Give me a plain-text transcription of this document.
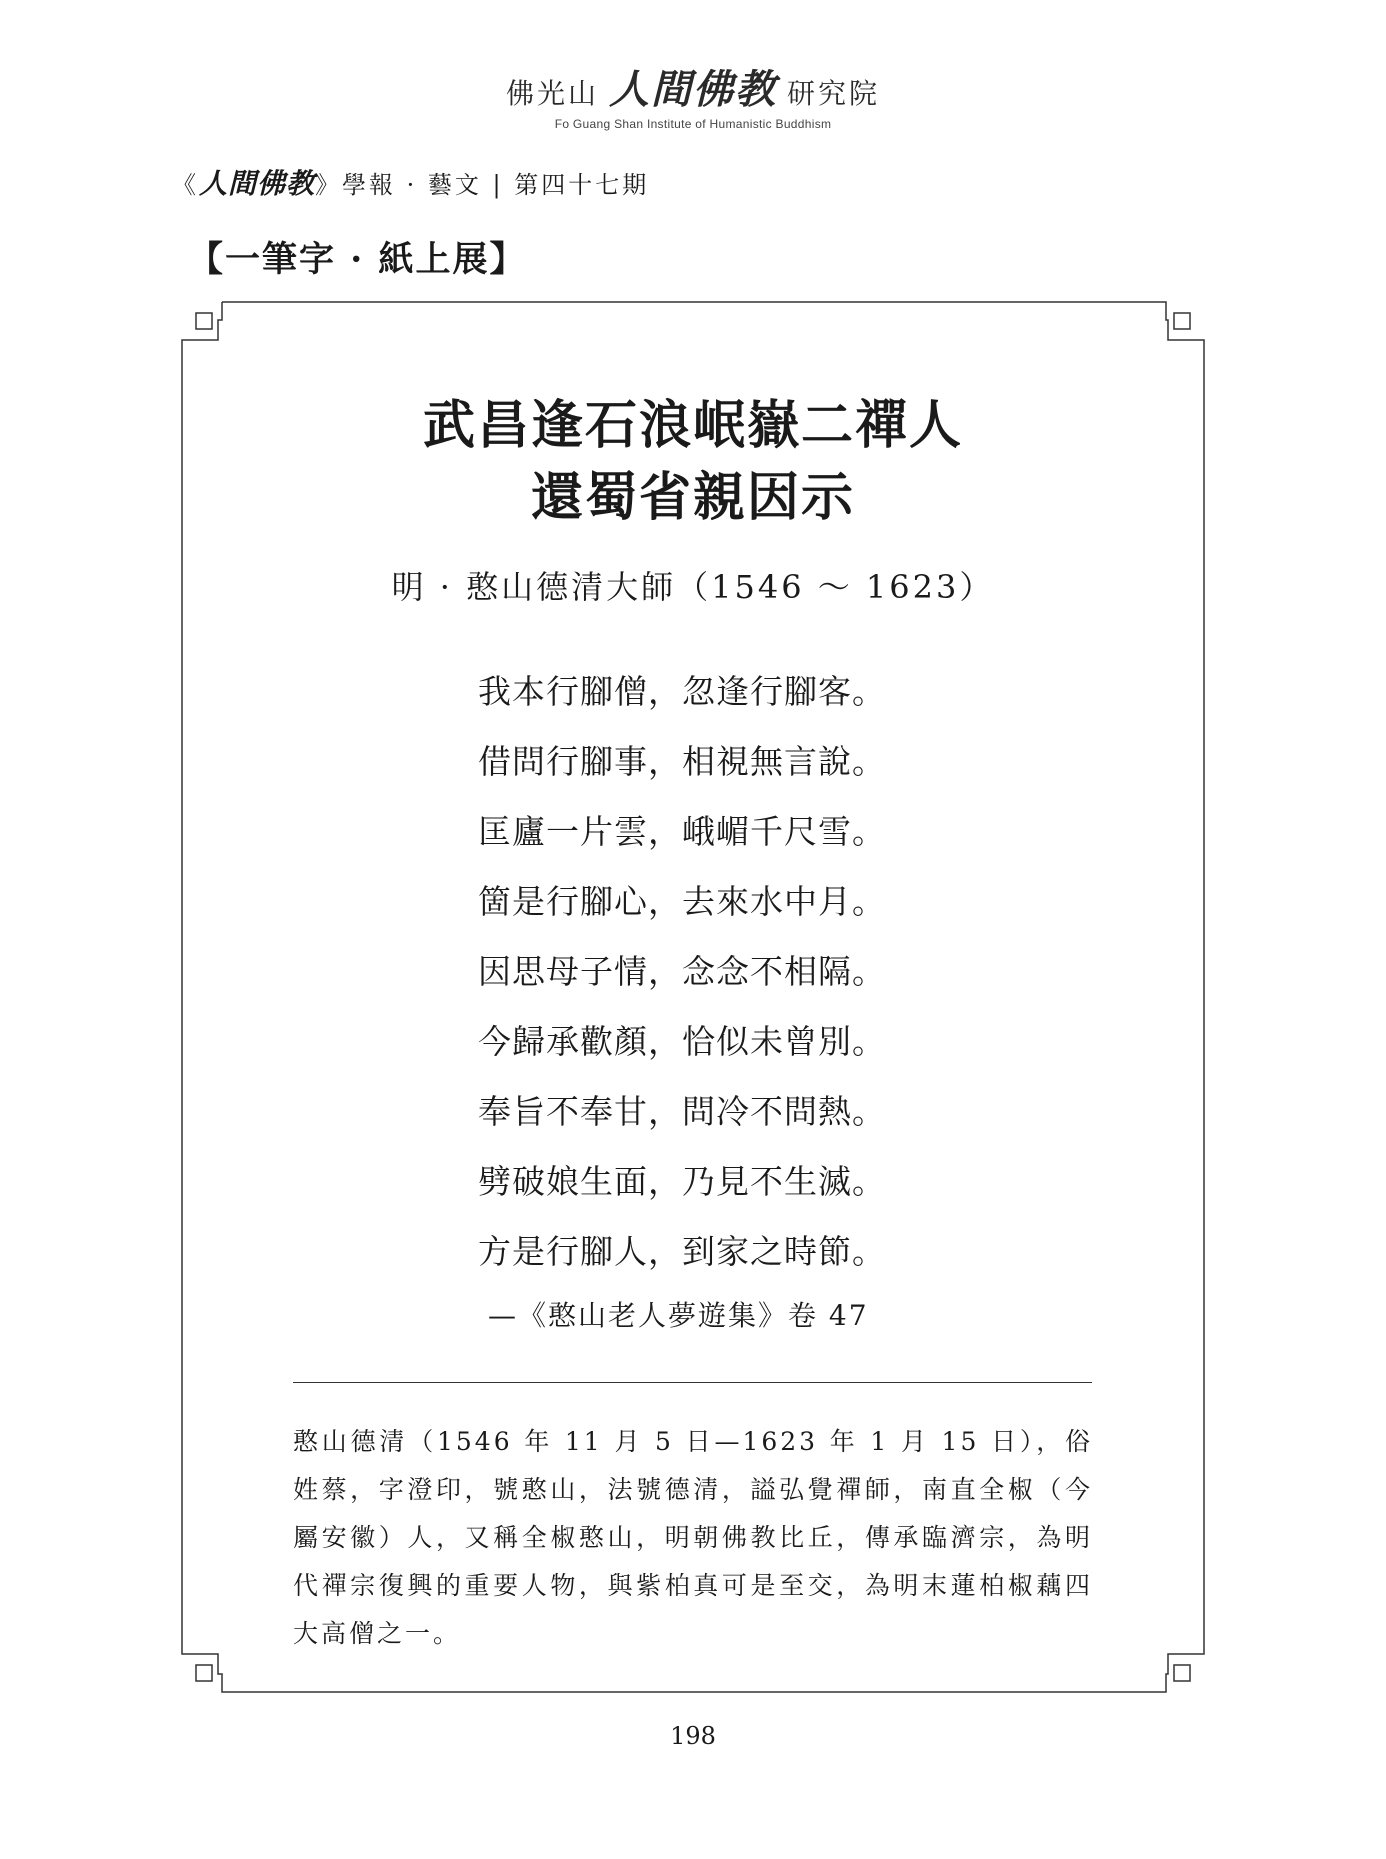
佛光山 人間佛教 研究院
Fo Guang Shan Institute of Humanistic Buddhism
《人間佛教》學報 · 藝文 | 第四十七期
【一筆字 · 紙上展】
武昌逢石浪岷嶽二禪人
還蜀省親因示
明 · 憨山德清大師（1546 ～ 1623）
我本行腳僧，忽逢行腳客。
借問行腳事，相視無言說。
匡廬一片雲，峨嵋千尺雪。
箇是行腳心，去來水中月。
因思母子情，念念不相隔。
今歸承歡顏，恰似未曾別。
奉旨不奉甘，問冷不問熱。
劈破娘生面，乃見不生滅。
方是行腳人，到家之時節。
—《憨山老人夢遊集》卷 47

憨山德清（1546 年 11 月 5 日—1623 年 1 月 15 日），俗姓蔡，字澄印，號憨山，法號德清，謚弘覺禪師，南直全椒（今屬安徽）人，又稱全椒憨山，明朝佛教比丘，傳承臨濟宗，為明代禪宗復興的重要人物，與紫柏真可是至交，為明末蓮柏椒藕四大高僧之一。

198
